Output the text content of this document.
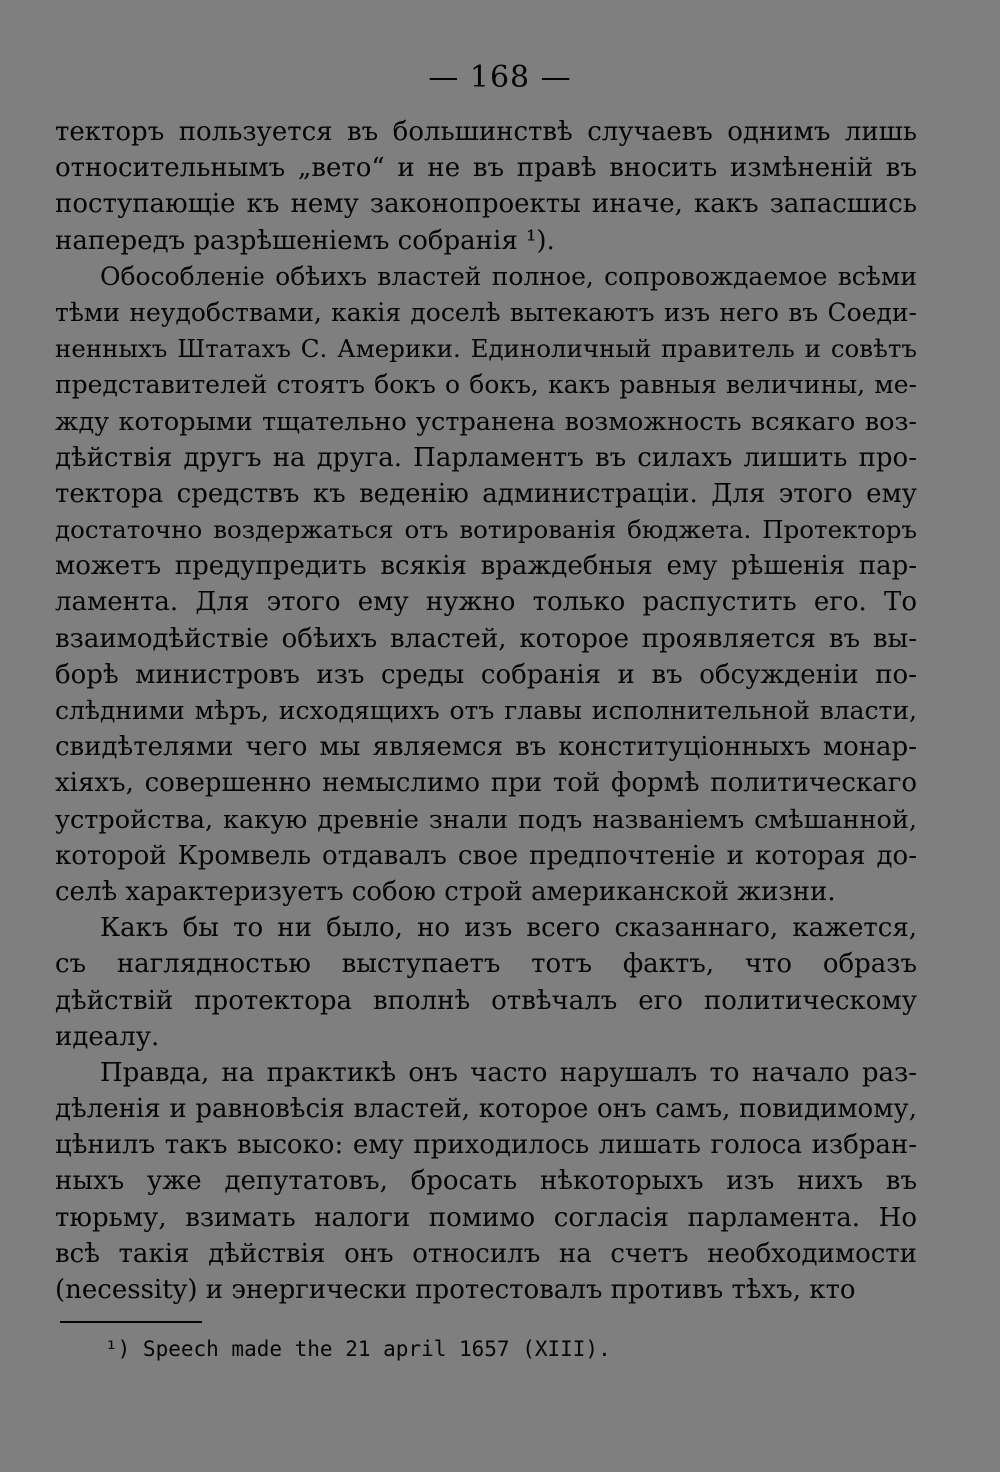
— 168 —
текторъ пользуется въ большинствѣ случаевъ однимъ лишь
относительнымъ „вето“ и не въ правѣ вносить измѣненій въ
поступающіе къ нему законопроекты иначе, какъ запасшись
напередъ разрѣшеніемъ собранія ¹).
Обособленіе обѣихъ властей полное, сопровождаемое всѣми
тѣми неудобствами, какія доселѣ вытекаютъ изъ него въ Соеди-
ненныхъ Штатахъ С. Америки. Единоличный правитель и совѣтъ
представителей стоятъ бокъ о бокъ, какъ равныя величины, ме-
жду которыми тщательно устранена возможность всякаго воз-
дѣйствія другъ на друга. Парламентъ въ силахъ лишить про-
тектора средствъ къ веденію администраціи. Для этого ему
достаточно воздержаться отъ вотированія бюджета. Протекторъ
можетъ предупредить всякія враждебныя ему рѣшенія пар-
ламента. Для этого ему нужно только распустить его. То
взаимодѣйствіе обѣихъ властей, которое проявляется въ вы-
борѣ министровъ изъ среды собранія и въ обсужденіи по-
слѣдними мѣръ, исходящихъ отъ главы исполнительной власти,
свидѣтелями чего мы являемся въ конституціонныхъ монар-
хіяхъ, совершенно немыслимо при той формѣ политическаго
устройства, какую древніе знали подъ названіемъ смѣшанной,
которой Кромвель отдавалъ свое предпочтеніе и которая до-
селѣ характеризуетъ собою строй американской жизни.
Какъ бы то ни было, но изъ всего сказаннаго, кажется,
съ наглядностью выступаетъ тотъ фактъ, что образъ
дѣйствій протектора вполнѣ отвѣчалъ его политическому
идеалу.
Правда, на практикѣ онъ часто нарушалъ то начало раз-
дѣленія и равновѣсія властей, которое онъ самъ, повидимому,
цѣнилъ такъ высоко: ему приходилось лишать голоса избран-
ныхъ уже депутатовъ, бросать нѣкоторыхъ изъ нихъ въ
тюрьму, взимать налоги помимо согласія парламента. Но
всѣ такія дѣйствія онъ относилъ на счетъ необходимости
(necessity) и энергически протестовалъ противъ тѣхъ, кто
¹) Speech made the 21 april 1657 (XIII).
